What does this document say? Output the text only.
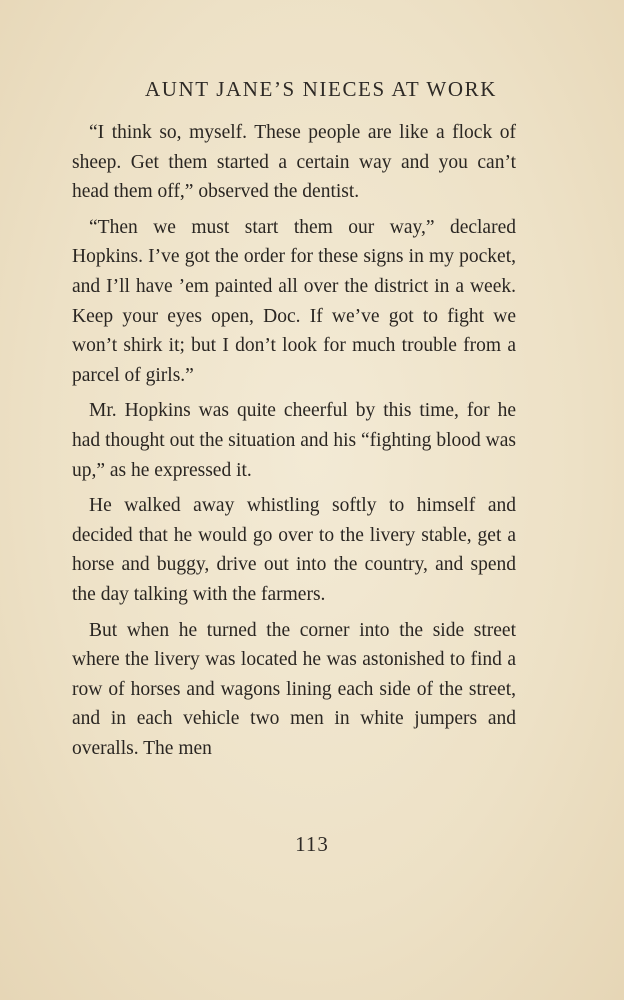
AUNT JANE’S NIECES AT WORK

“I think so, myself. These people are like a flock of sheep. Get them started a certain way and you can’t head them off,” observed the dentist.

“Then we must start them our way,” declared Hopkins. I’ve got the order for these signs in my pocket, and I’ll have ’em painted all over the district in a week. Keep your eyes open, Doc. If we’ve got to fight we won’t shirk it; but I don’t look for much trouble from a parcel of girls.”

Mr. Hopkins was quite cheerful by this time, for he had thought out the situation and his “fighting blood was up,” as he expressed it.

He walked away whistling softly to himself and decided that he would go over to the livery stable, get a horse and buggy, drive out into the country, and spend the day talking with the farmers.

But when he turned the corner into the side street where the livery was located he was astonished to find a row of horses and wagons lining each side of the street, and in each vehicle two men in white jumpers and overalls. The men

113
